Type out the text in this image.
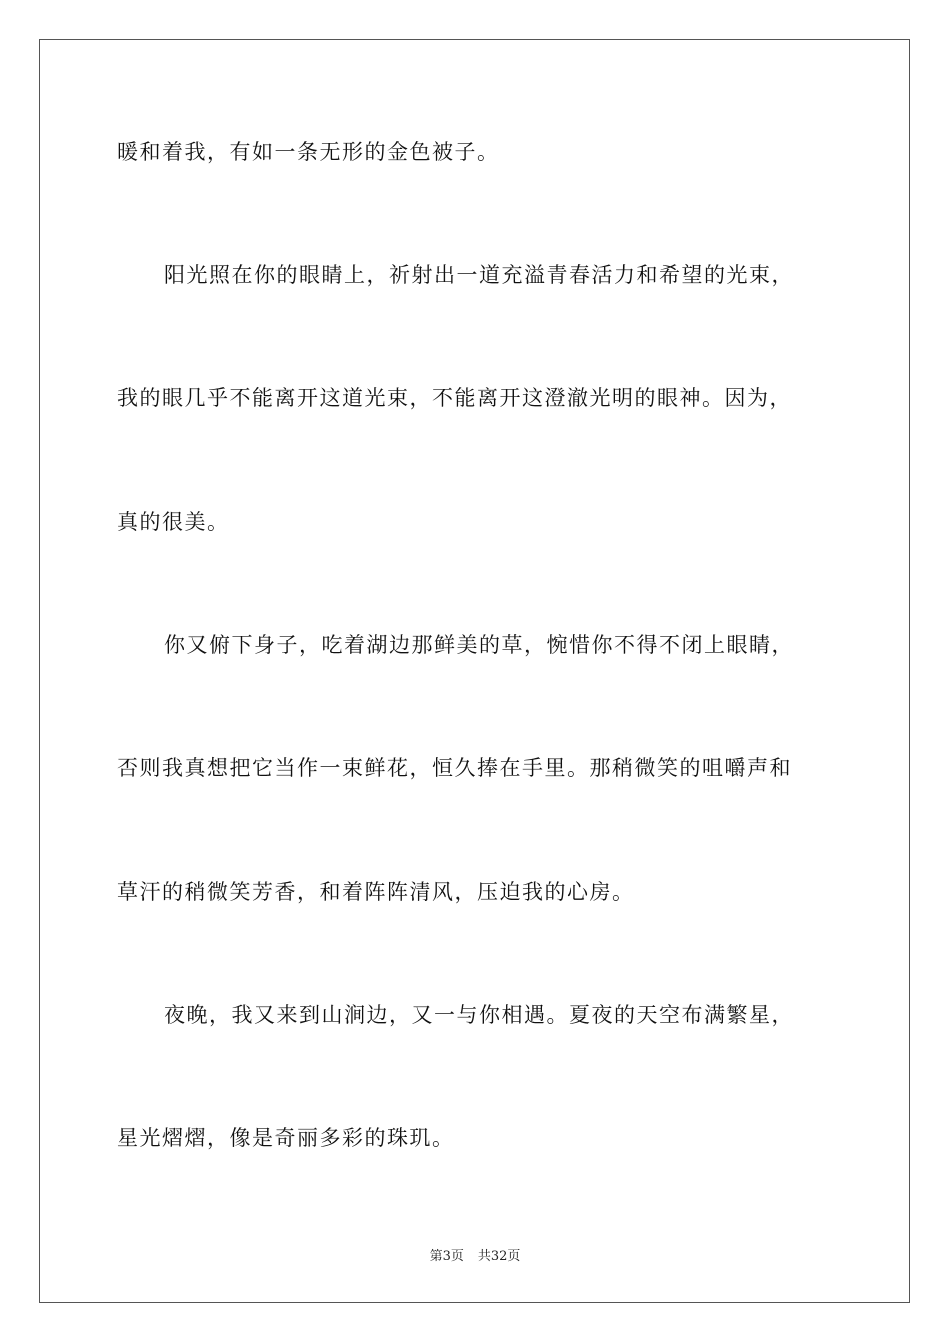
暖和着我，有如一条无形的金色被子。

阳光照在你的眼睛上，祈射出一道充溢青春活力和希望的光束，

我的眼几乎不能离开这道光束，不能离开这澄澈光明的眼神。因为，

真的很美。

你又俯下身子，吃着湖边那鲜美的草，惋惜你不得不闭上眼睛，

否则我真想把它当作一束鲜花，恒久捧在手里。那稍微笑的咀嚼声和

草汗的稍微笑芳香，和着阵阵清风，压迫我的心房。

夜晚，我又来到山涧边，又一与你相遇。夏夜的天空布满繁星，

星光熠熠，像是奇丽多彩的珠玑。

第3页 共32页
